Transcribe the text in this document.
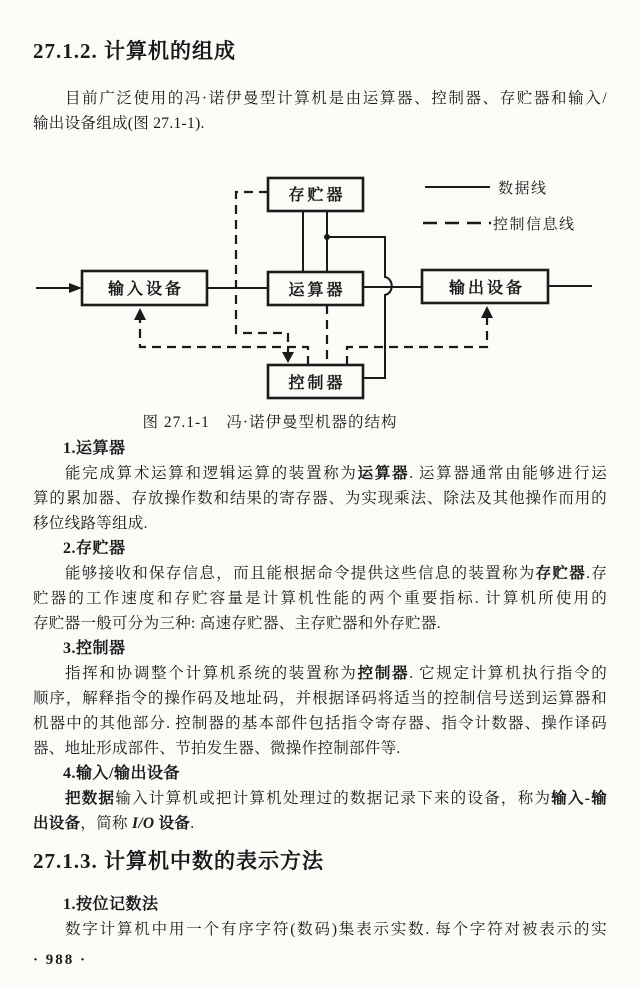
27.1.2. 计算机的组成
目前广泛使用的冯·诺伊曼型计算机是由运算器、控制器、存贮器和输入/
输出设备组成(图 27.1-1).
数据线
控制信息线
存贮器
输入设备	运算器	输出设备
控制器
图 27.1-1　冯·诺伊曼型机器的结构
1.运算器
能完成算术运算和逻辑运算的装置称为运算器. 运算器通常由能够进行运
算的累加器、存放操作数和结果的寄存器、为实现乘法、除法及其他操作而用的
移位线路等组成.
2.存贮器
能够接收和保存信息，而且能根据命令提供这些信息的装置称为存贮器.存
贮器的工作速度和存贮容量是计算机性能的两个重要指标. 计算机所使用的
存贮器一般可分为三种: 高速存贮器、主存贮器和外存贮器.
3.控制器
指挥和协调整个计算机系统的装置称为控制器. 它规定计算机执行指令的
顺序，解释指令的操作码及地址码，并根据译码将适当的控制信号送到运算器和
机器中的其他部分. 控制器的基本部件包括指令寄存器、指令计数器、操作译码
器、地址形成部件、节拍发生器、微操作控制部件等.
4.输入/输出设备
把数据输入计算机或把计算机处理过的数据记录下来的设备，称为输入-输
出设备，简称 I/O 设备.
27.1.3. 计算机中数的表示方法
1.按位记数法
数字计算机中用一个有序字符(数码)集表示实数. 每个字符对被表示的实
· 988 ·
